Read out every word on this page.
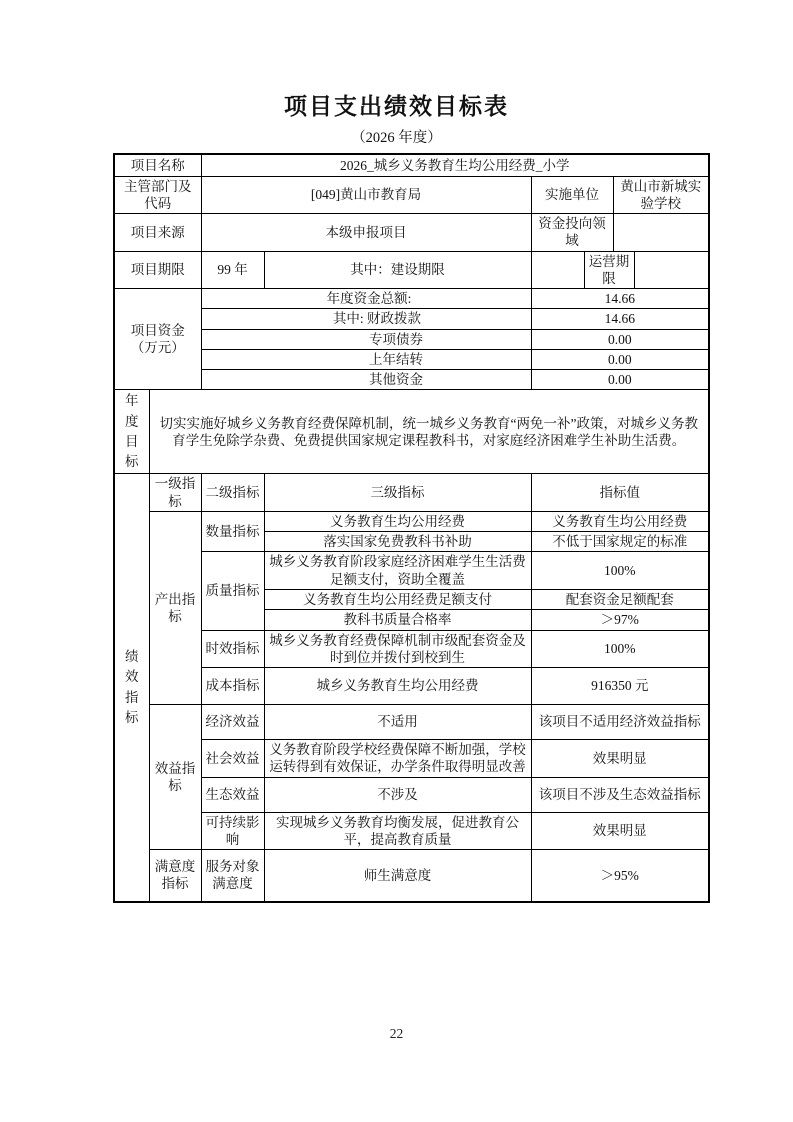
项目支出绩效目标表
（2026 年度）
项目名称		2026_城乡义务教育生均公用经费_小学					
主管部门及代码		[049]黄山市教育局		实施单位		黄山市新城实验学校	
项目来源		本级申报项目		资金投向领域			
项目期限		99 年	其中：建设期限		运营期限		
项目资金（万元）		年度资金总额:		14.66			
		其中: 财政拨款		14.66			
		专项债券		0.00			
		上年结转		0.00			
		其他资金		0.00			

年度目标	切实实施好城乡义务教育经费保障机制，统一城乡义务教育“两免一补”政策，对城乡义务教育学生免除学杂费、免费提供国家规定课程教科书，对家庭经济困难学生补助生活费。						

绩效指标	一级指标	二级指标	三级指标	指标值			
	产出指标	数量指标	义务教育生均公用经费	义务教育生均公用经费			
			落实国家免费教科书补助	不低于国家规定的标准			
		质量指标	城乡义务教育阶段家庭经济困难学生生活费足额支付，资助全覆盖	100%			
			义务教育生均公用经费足额支付	配套资金足额配套			
			教科书质量合格率	＞97%			
		时效指标	城乡义务教育经费保障机制市级配套资金及时到位并拨付到校到生	100%			
		成本指标	城乡义务教育生均公用经费	916350 元			
	效益指标	经济效益	不适用	该项目不适用经济效益指标			
		社会效益	义务教育阶段学校经费保障不断加强，学校运转得到有效保证，办学条件取得明显改善	效果明显			
		生态效益	不涉及	该项目不涉及生态效益指标			
		可持续影响	实现城乡义务教育均衡发展，促进教育公平，提高教育质量	效果明显			
	满意度指标	服务对象满意度	师生满意度	＞95%			
22
